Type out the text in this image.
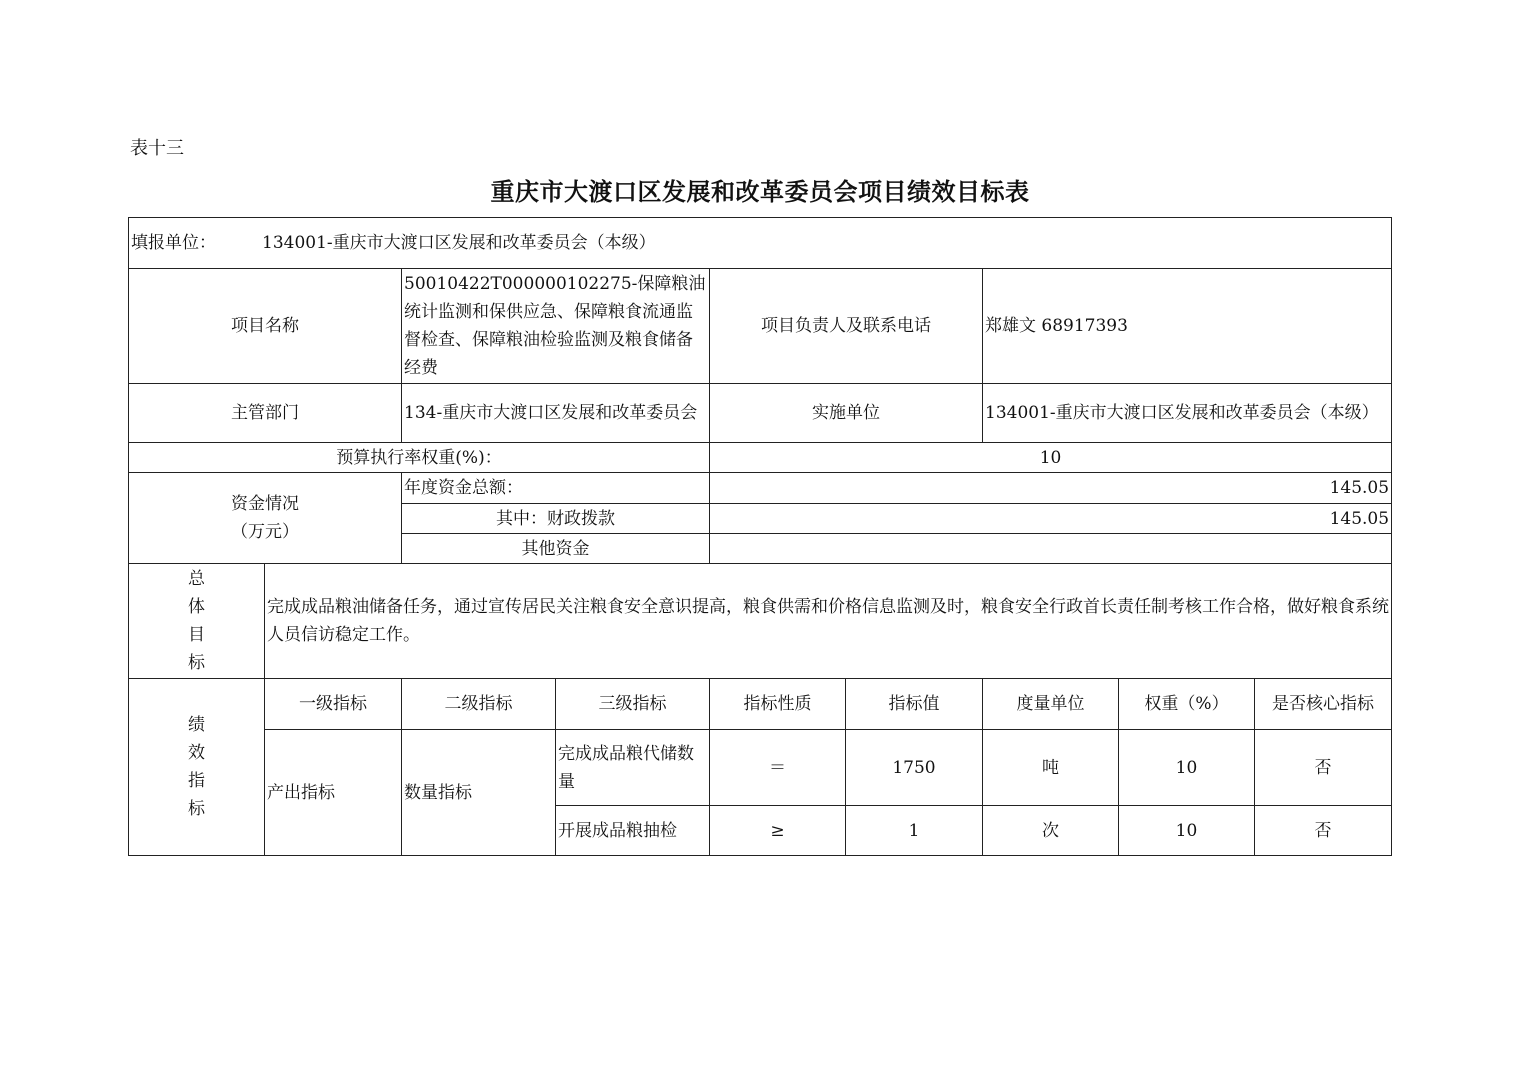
表十三
重庆市大渡口区发展和改革委员会项目绩效目标表
填报单位： 134001-重庆市大渡口区发展和改革委员会（本级）								
项目名称		50010422T000000102275-保障粮油统计监测和保供应急、保障粮食流通监督检查、保障粮油检验监测及粮食储备经费		项目负责人及联系电话		郑雄文 68917393		
主管部门		134-重庆市大渡口区发展和改革委员会		实施单位		134001-重庆市大渡口区发展和改革委员会（本级）		
预算执行率权重(%)：				10				

资金情况
（万元）		年度资金总额：		145.05				
		其中：财政拨款		145.05				
		其他资金						

总
体
目
标	完成成品粮油储备任务，通过宣传居民关注粮食安全意识提高，粮食供需和价格信息监测及时，粮食安全行政首长责任制考核工作合格，做好粮食系统人员信访稳定工作。							

绩
效
指
标	一级指标	二级指标	三级指标	指标性质	指标值	度量单位	权重（%）	是否核心指标
	产出指标	数量指标	完成成品粮代储数量	＝	1750	吨	10	否
			开展成品粮抽检	≥	1	次	10	否
